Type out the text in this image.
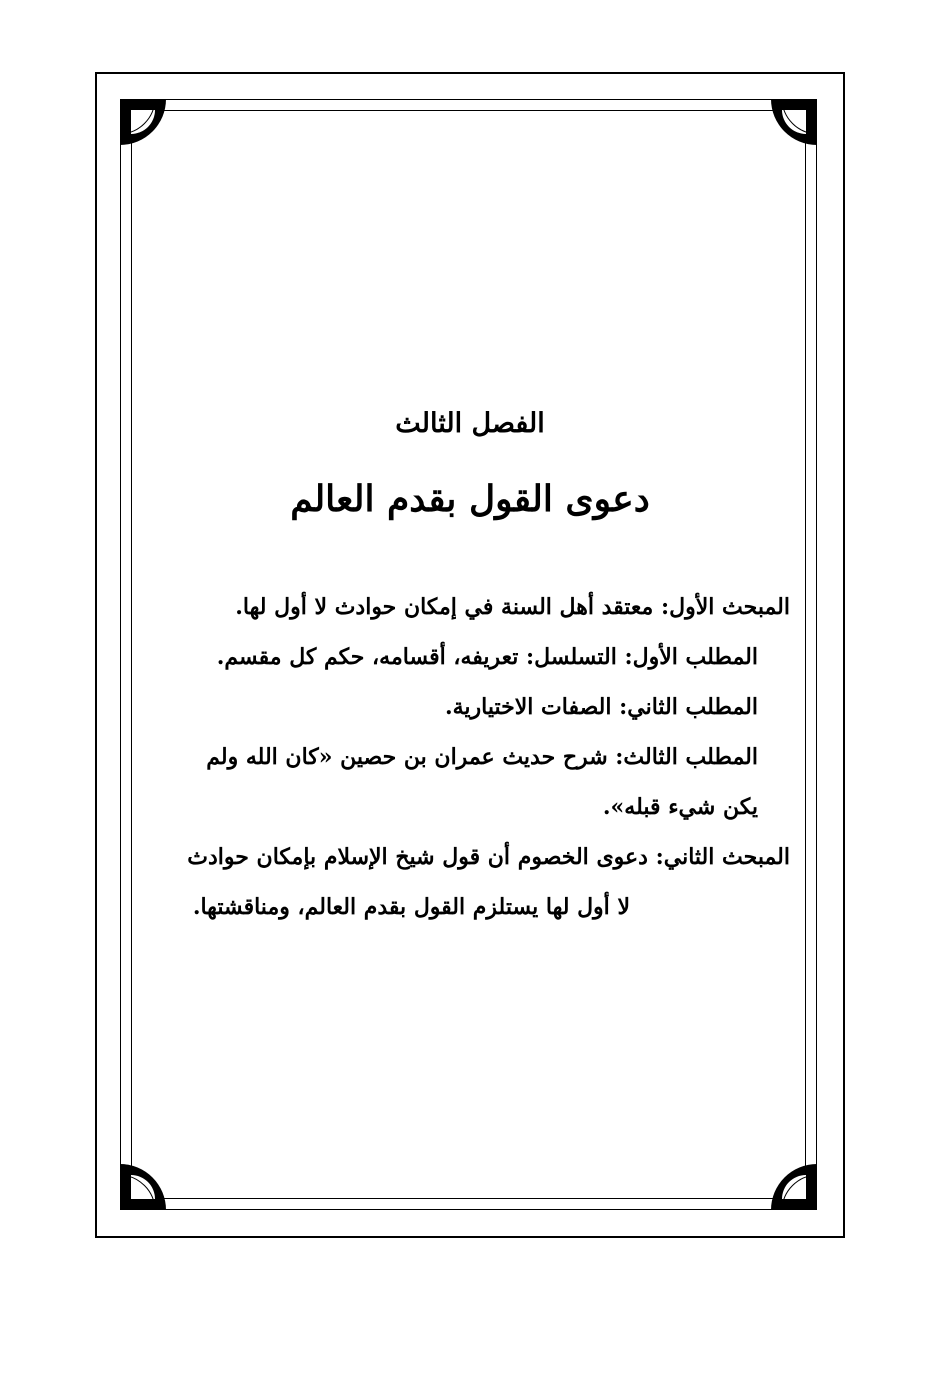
الفصل الثالث
دعوى القول بقدم العالم
المبحث الأول: معتقد أهل السنة في إمكان حوادث لا أول لها.
المطلب الأول: التسلسل: تعريفه، أقسامه، حكم كل مقسم.
المطلب الثاني: الصفات الاختيارية.
المطلب الثالث: شرح حديث عمران بن حصين «كان الله ولم
يكن شيء قبله».
المبحث الثاني: دعوى الخصوم أن قول شيخ الإسلام بإمكان حوادث
لا أول لها يستلزم القول بقدم العالم، ومناقشتها.
